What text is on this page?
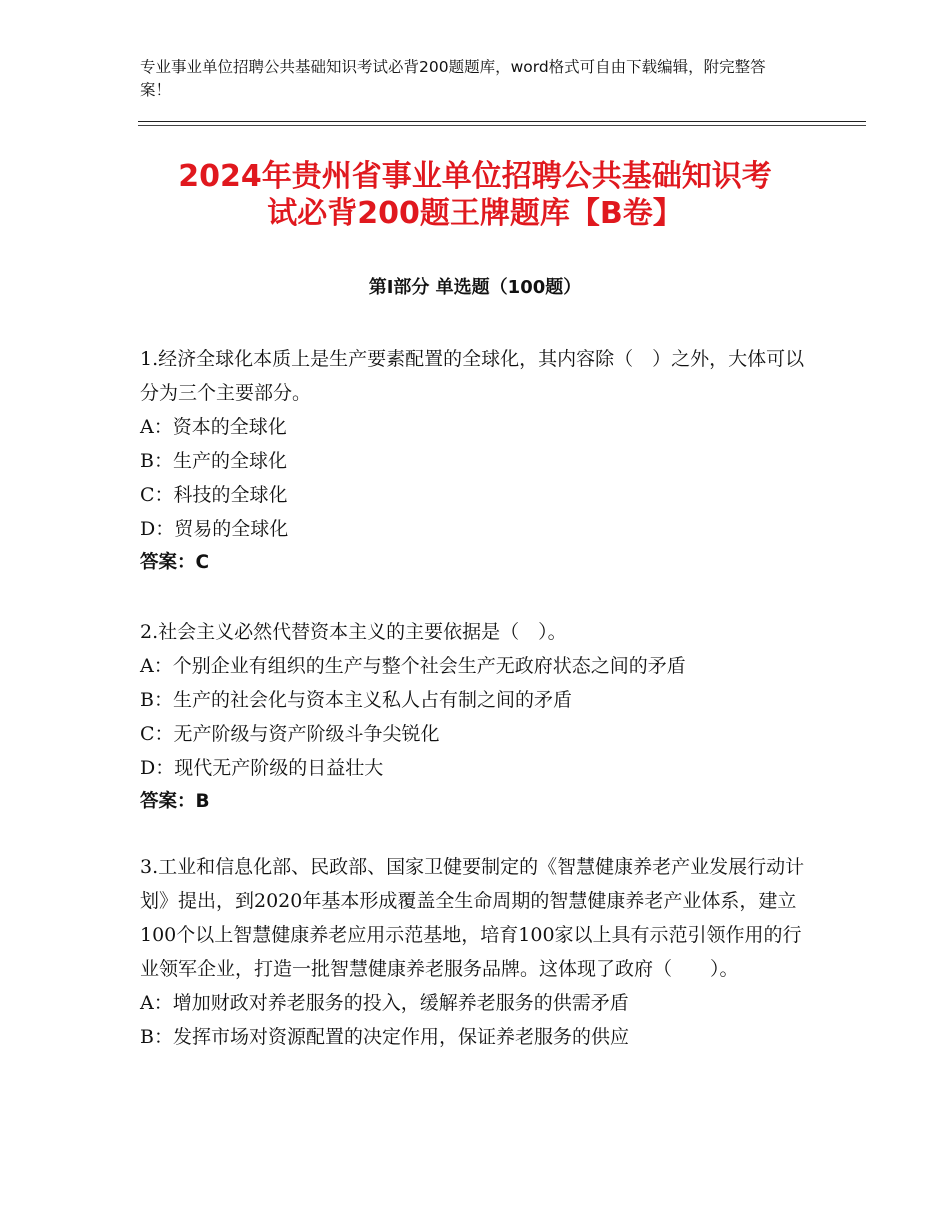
专业事业单位招聘公共基础知识考试必背200题题库，word格式可自由下载编辑，附完整答案！
2024年贵州省事业单位招聘公共基础知识考
试必背200题王牌题库【B卷】
第Ⅰ部分 单选题（100题）

1.经济全球化本质上是生产要素配置的全球化，其内容除（　）之外，大体可以分为三个主要部分。

A：资本的全球化

B：生产的全球化

C：科技的全球化

D：贸易的全球化

答案：C

2.社会主义必然代替资本主义的主要依据是（　）。

A：个别企业有组织的生产与整个社会生产无政府状态之间的矛盾

B：生产的社会化与资本主义私人占有制之间的矛盾

C：无产阶级与资产阶级斗争尖锐化

D：现代无产阶级的日益壮大

答案：B

3.工业和信息化部、民政部、国家卫健要制定的《智慧健康养老产业发展行动计划》提出，到2020年基本形成覆盖全生命周期的智慧健康养老产业体系，建立100个以上智慧健康养老应用示范基地，培育100家以上具有示范引领作用的行业领军企业，打造一批智慧健康养老服务品牌。这体现了政府（　　）。

A：增加财政对养老服务的投入，缓解养老服务的供需矛盾

B：发挥市场对资源配置的决定作用，保证养老服务的供应
